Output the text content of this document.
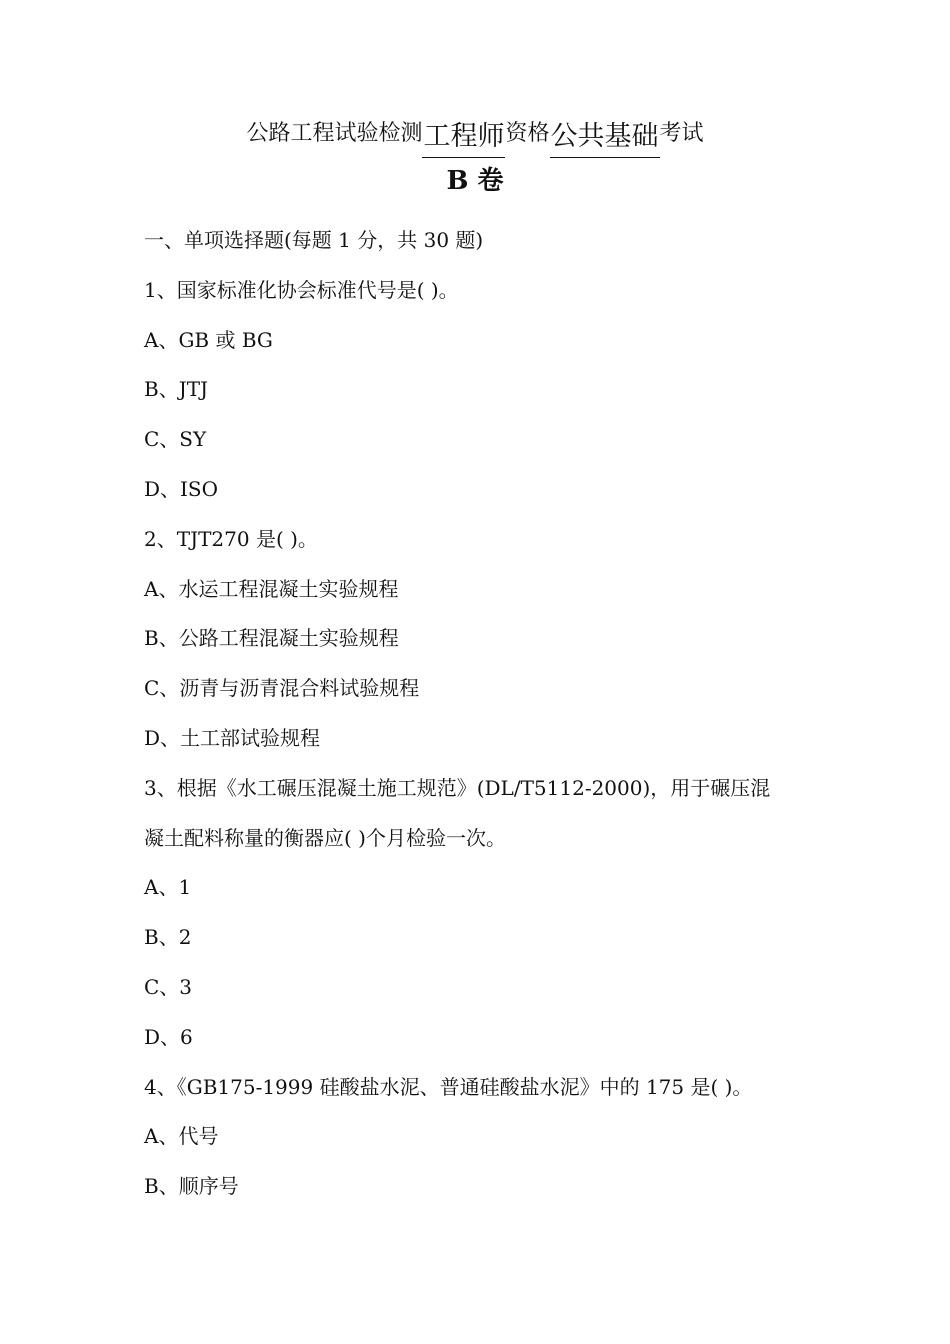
公路工程试验检测工程师资格公共基础考试
B 卷
一、单项选择题(每题 1 分，共 30 题)
1、国家标准化协会标准代号是( )。
A、GB 或 BG
B、JTJ
C、SY
D、ISO
2、TJT270 是( )。
A、水运工程混凝土实验规程
B、公路工程混凝土实验规程
C、沥青与沥青混合料试验规程
D、土工部试验规程
3、根据《水工碾压混凝土施工规范》(DL/T5112-2000)，用于碾压混
凝土配料称量的衡器应( )个月检验一次。
A、1
B、2
C、3
D、6
4、《GB175-1999 硅酸盐水泥、普通硅酸盐水泥》中的 175 是( )。
A、代号
B、顺序号
